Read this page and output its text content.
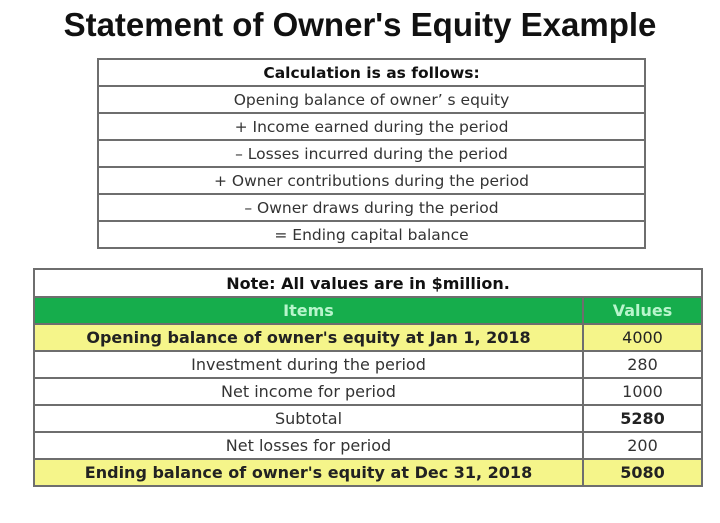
Statement of Owner's Equity Example
Calculation is as follows:
Opening balance of owner’ s equity
+ Income earned during the period
– Losses incurred during the period
+ Owner contributions during the period
– Owner draws during the period
= Ending capital balance
Note: All values are in $million.	
Items	Values
Opening balance of owner's equity at Jan 1, 2018	4000
Investment during the period	280
Net income for period	1000
Subtotal	5280
Net losses for period	200
Ending balance of owner's equity at Dec 31, 2018	5080
